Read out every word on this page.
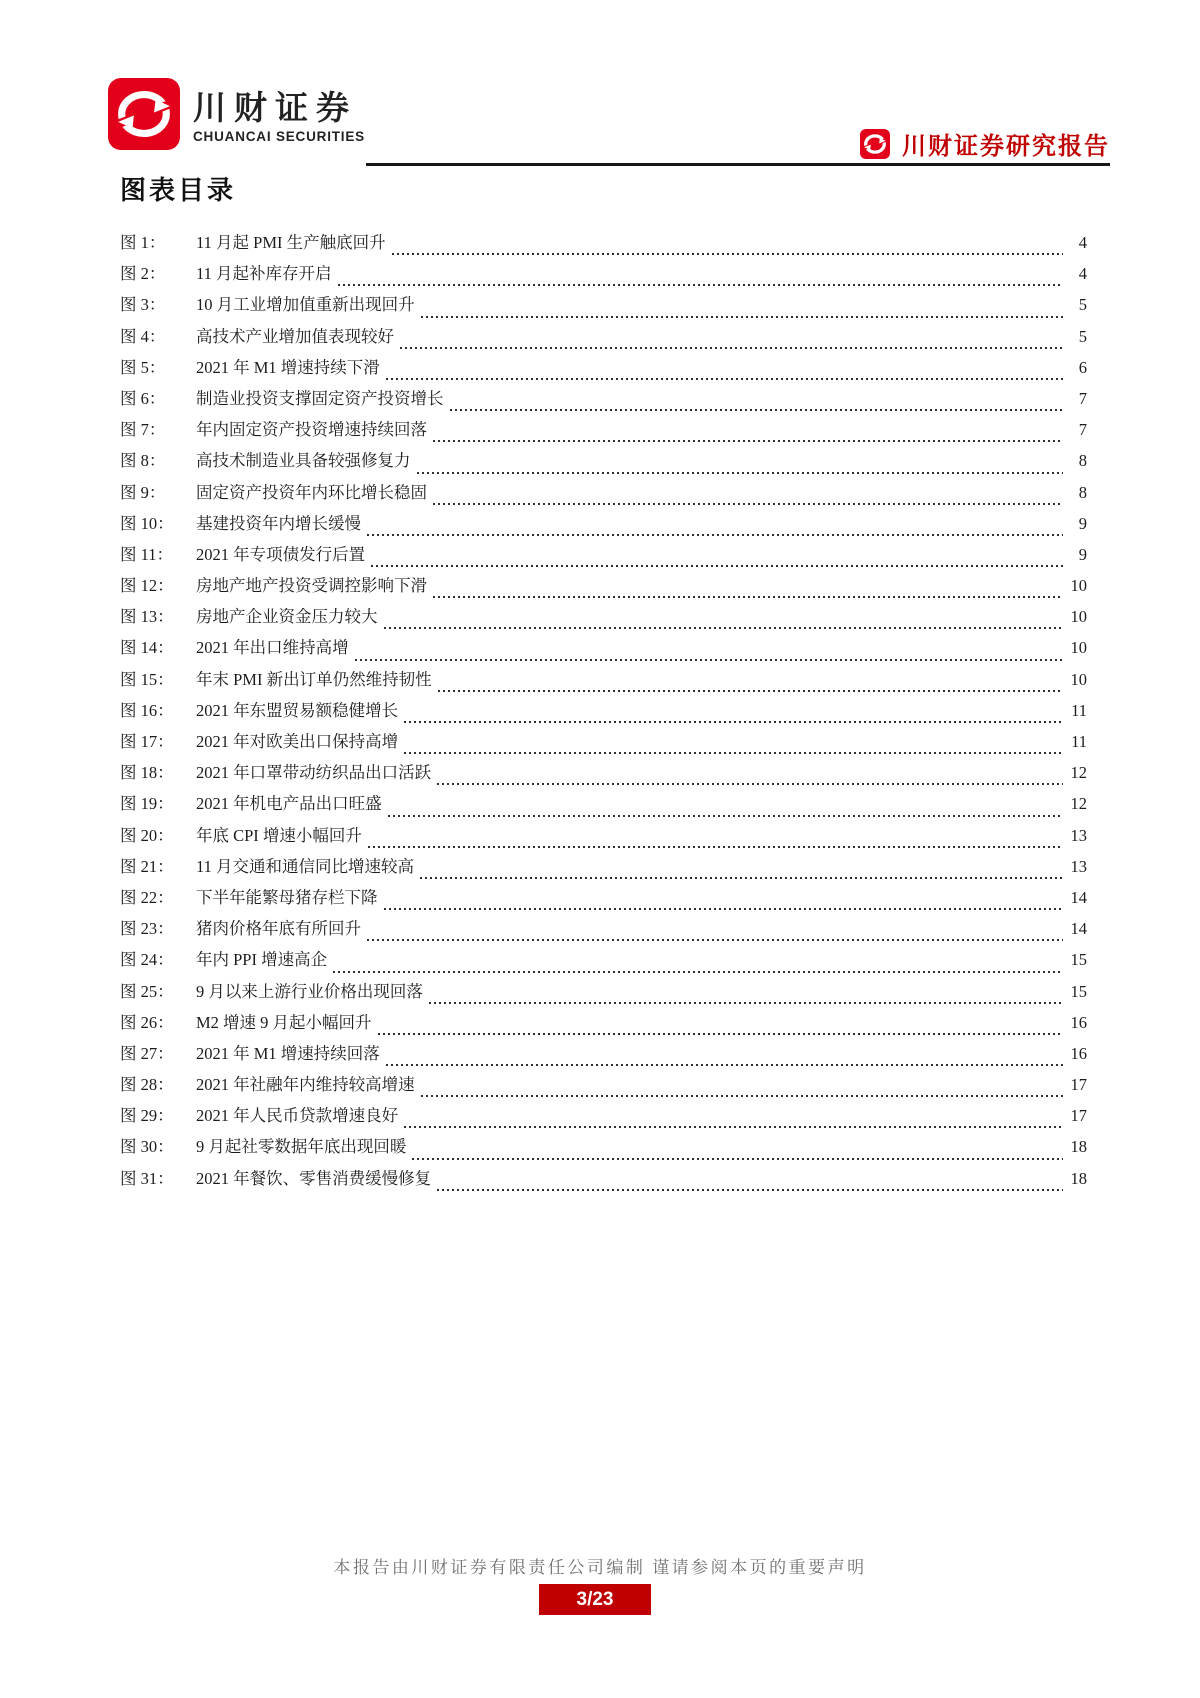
川财证券
CHUANCAI SECURITIES	川财证券研究报告
图表目录
图 1：	11 月起 PMI 生产触底回升	4
图 2：	11 月起补库存开启	4
图 3：	10 月工业增加值重新出现回升	5
图 4：	高技术产业增加值表现较好	5
图 5：	2021 年 M1 增速持续下滑	6
图 6：	制造业投资支撑固定资产投资增长	7
图 7：	年内固定资产投资增速持续回落	7
图 8：	高技术制造业具备较强修复力	8
图 9：	固定资产投资年内环比增长稳固	8
图 10：	基建投资年内增长缓慢	9
图 11：	2021 年专项债发行后置	9
图 12：	房地产地产投资受调控影响下滑	10
图 13：	房地产企业资金压力较大	10
图 14：	2021 年出口维持高增	10
图 15：	年末 PMI 新出订单仍然维持韧性	10
图 16：	2021 年东盟贸易额稳健增长	11
图 17：	2021 年对欧美出口保持高增	11
图 18：	2021 年口罩带动纺织品出口活跃	12
图 19：	2021 年机电产品出口旺盛	12
图 20：	年底 CPI 增速小幅回升	13
图 21：	11 月交通和通信同比增速较高	13
图 22：	下半年能繁母猪存栏下降	14
图 23：	猪肉价格年底有所回升	14
图 24：	年内 PPI 增速高企	15
图 25：	9 月以来上游行业价格出现回落	15
图 26：	M2 增速 9 月起小幅回升	16
图 27：	2021 年 M1 增速持续回落	16
图 28：	2021 年社融年内维持较高增速	17
图 29：	2021 年人民币贷款增速良好	17
图 30：	9 月起社零数据年底出现回暖	18
图 31：	2021 年餐饮、零售消费缓慢修复	18
本报告由川财证券有限责任公司编制 谨请参阅本页的重要声明
3/23
